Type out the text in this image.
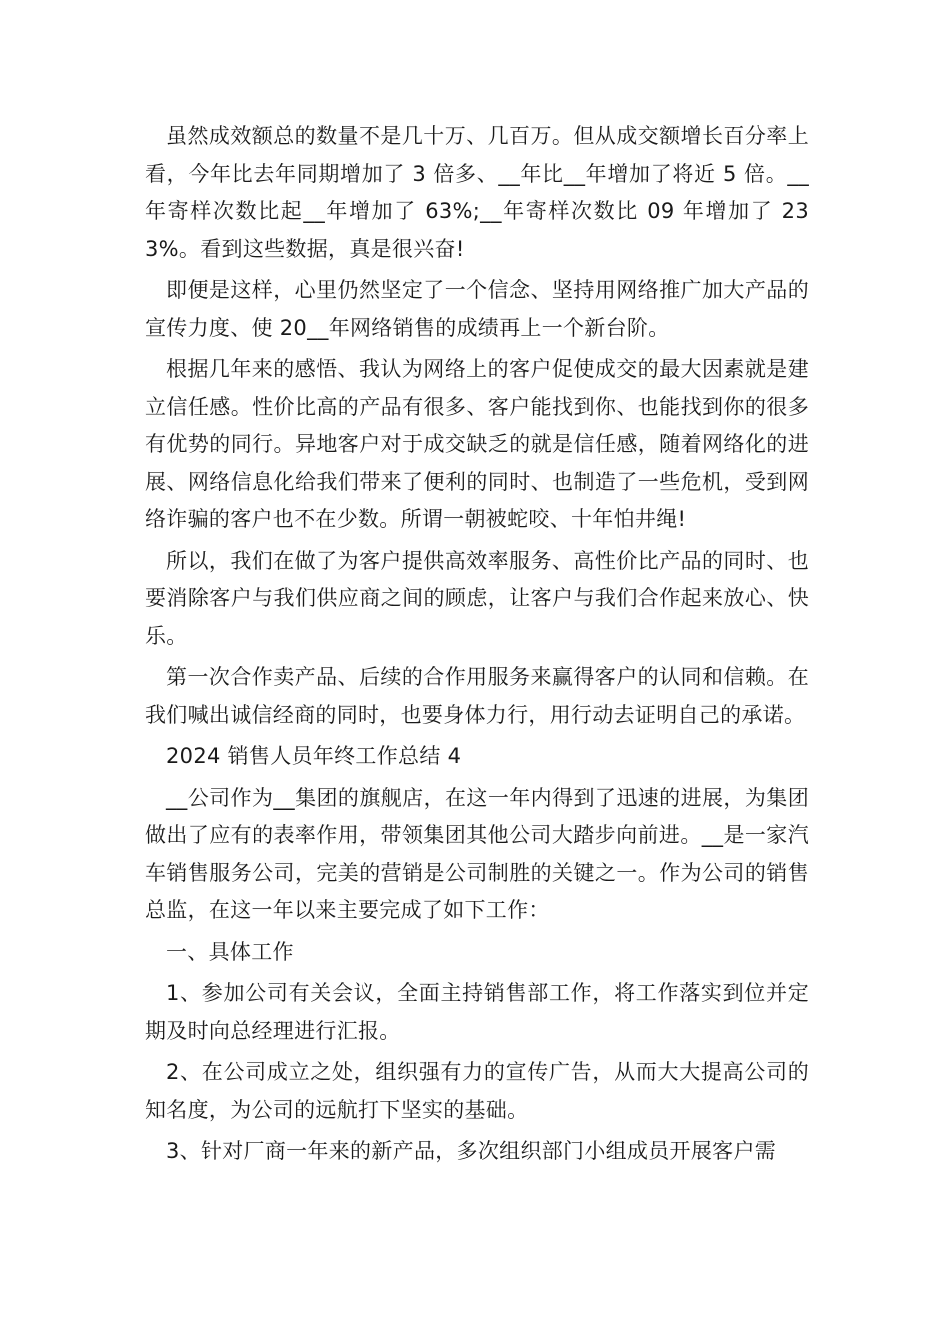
虽然成效额总的数量不是几十万、几百万。但从成交额增长百分率上看，今年比去年同期增加了 3 倍多、__年比__年增加了将近 5 倍。__年寄样次数比起__年增加了 63%;__年寄样次数比 09 年增加了 233%。看到这些数据，真是很兴奋!

即便是这样，心里仍然坚定了一个信念、坚持用网络推广加大产品的宣传力度、使 20__年网络销售的成绩再上一个新台阶。

根据几年来的感悟、我认为网络上的客户促使成交的最大因素就是建立信任感。性价比高的产品有很多、客户能找到你、也能找到你的很多有优势的同行。异地客户对于成交缺乏的就是信任感，随着网络化的进展、网络信息化给我们带来了便利的同时、也制造了一些危机，受到网络诈骗的客户也不在少数。所谓一朝被蛇咬、十年怕井绳!

所以，我们在做了为客户提供高效率服务、高性价比产品的同时、也要消除客户与我们供应商之间的顾虑，让客户与我们合作起来放心、快乐。

第一次合作卖产品、后续的合作用服务来赢得客户的认同和信赖。在我们喊出诚信经商的同时，也要身体力行，用行动去证明自己的承诺。

2024 销售人员年终工作总结 4

__公司作为__集团的旗舰店，在这一年内得到了迅速的进展，为集团做出了应有的表率作用，带领集团其他公司大踏步向前进。__是一家汽车销售服务公司，完美的营销是公司制胜的关键之一。作为公司的销售总监，在这一年以来主要完成了如下工作：

一、具体工作

1、参加公司有关会议，全面主持销售部工作，将工作落实到位并定期及时向总经理进行汇报。

2、在公司成立之处，组织强有力的宣传广告，从而大大提高公司的知名度，为公司的远航打下坚实的基础。

3、针对厂商一年来的新产品，多次组织部门小组成员开展客户需
